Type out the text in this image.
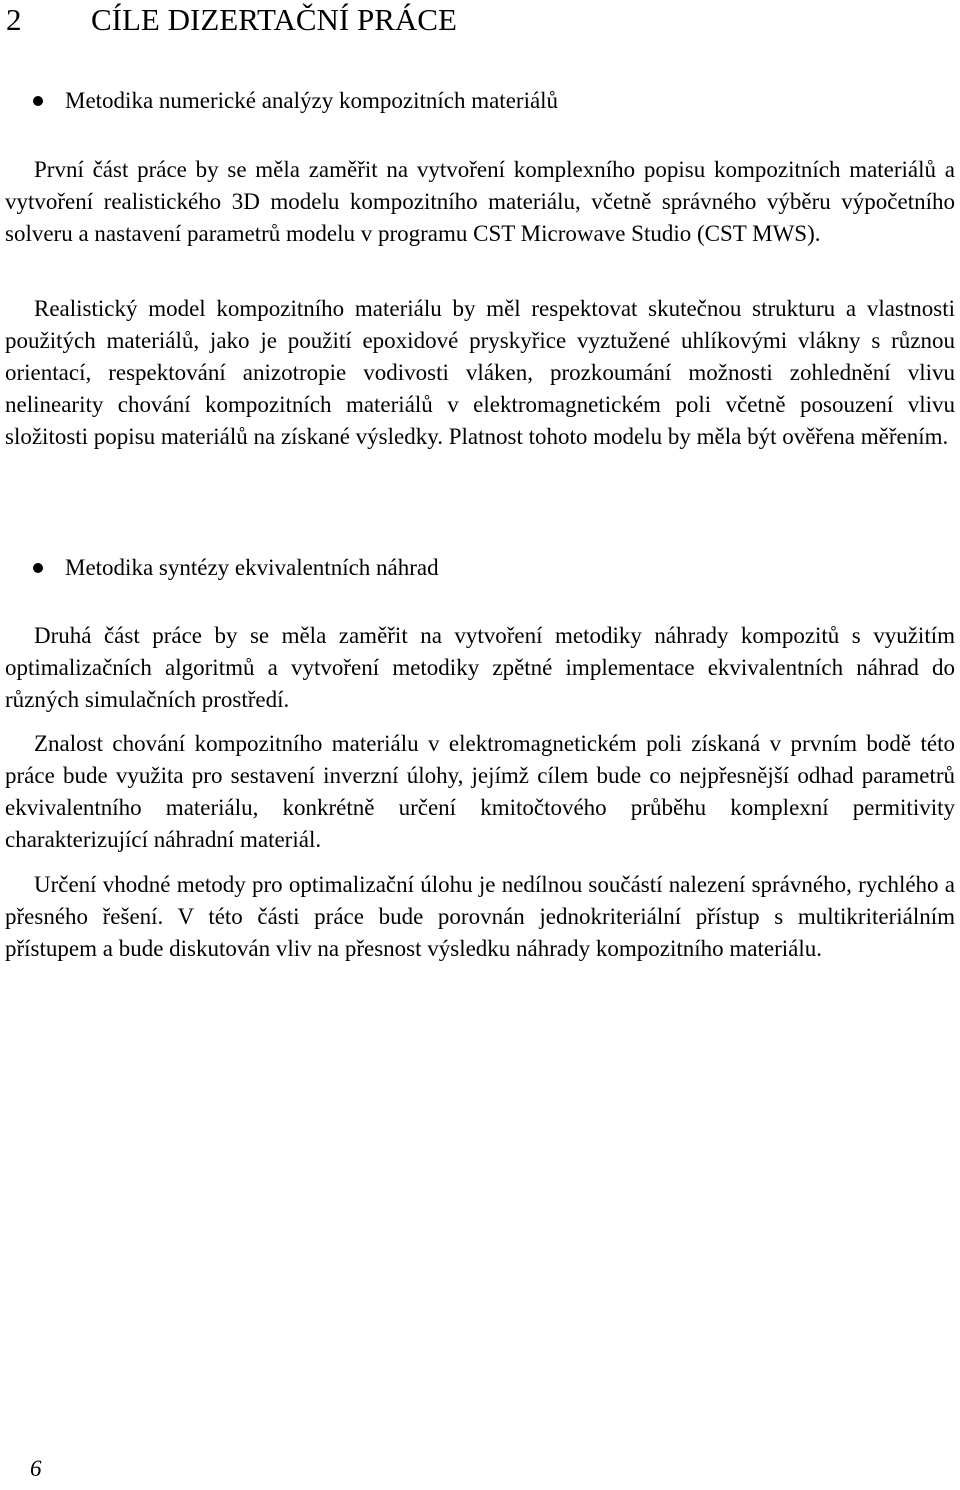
2 CÍLE DIZERTAČNÍ PRÁCE
Metodika numerické analýzy kompozitních materiálů

První část práce by se měla zaměřit na vytvoření komplexního popisu kompozitních materiálů a vytvoření realistického 3D modelu kompozitního materiálu, včetně správného výběru výpočetního solveru a nastavení parametrů modelu v programu CST Microwave Studio (CST MWS).

Realistický model kompozitního materiálu by měl respektovat skutečnou strukturu a vlastnosti použitých materiálů, jako je použití epoxidové pryskyřice vyztužené uhlíkovými vlákny s různou orientací, respektování anizotropie vodivosti vláken, prozkoumání možnosti zohlednění vlivu nelinearity chování kompozitních materiálů v elektromagnetickém poli včetně posouzení vlivu složitosti popisu materiálů na získané výsledky. Platnost tohoto modelu by měla být ověřena měřením.

Metodika syntézy ekvivalentních náhrad

Druhá část práce by se měla zaměřit na vytvoření metodiky náhrady kompozitů s využitím optimalizačních algoritmů a vytvoření metodiky zpětné implementace ekvivalentních náhrad do různých simulačních prostředí.

Znalost chování kompozitního materiálu v elektromagnetickém poli získaná v prvním bodě této práce bude využita pro sestavení inverzní úlohy, jejímž cílem bude co nejpřesnější odhad parametrů ekvivalentního materiálu, konkrétně určení kmitočtového průběhu komplexní permitivity charakterizující náhradní materiál.

Určení vhodné metody pro optimalizační úlohu je nedílnou součástí nalezení správného, rychlého a přesného řešení. V této části práce bude porovnán jednokriteriální přístup s multikriteriálním přístupem a bude diskutován vliv na přesnost výsledku náhrady kompozitního materiálu.

6
